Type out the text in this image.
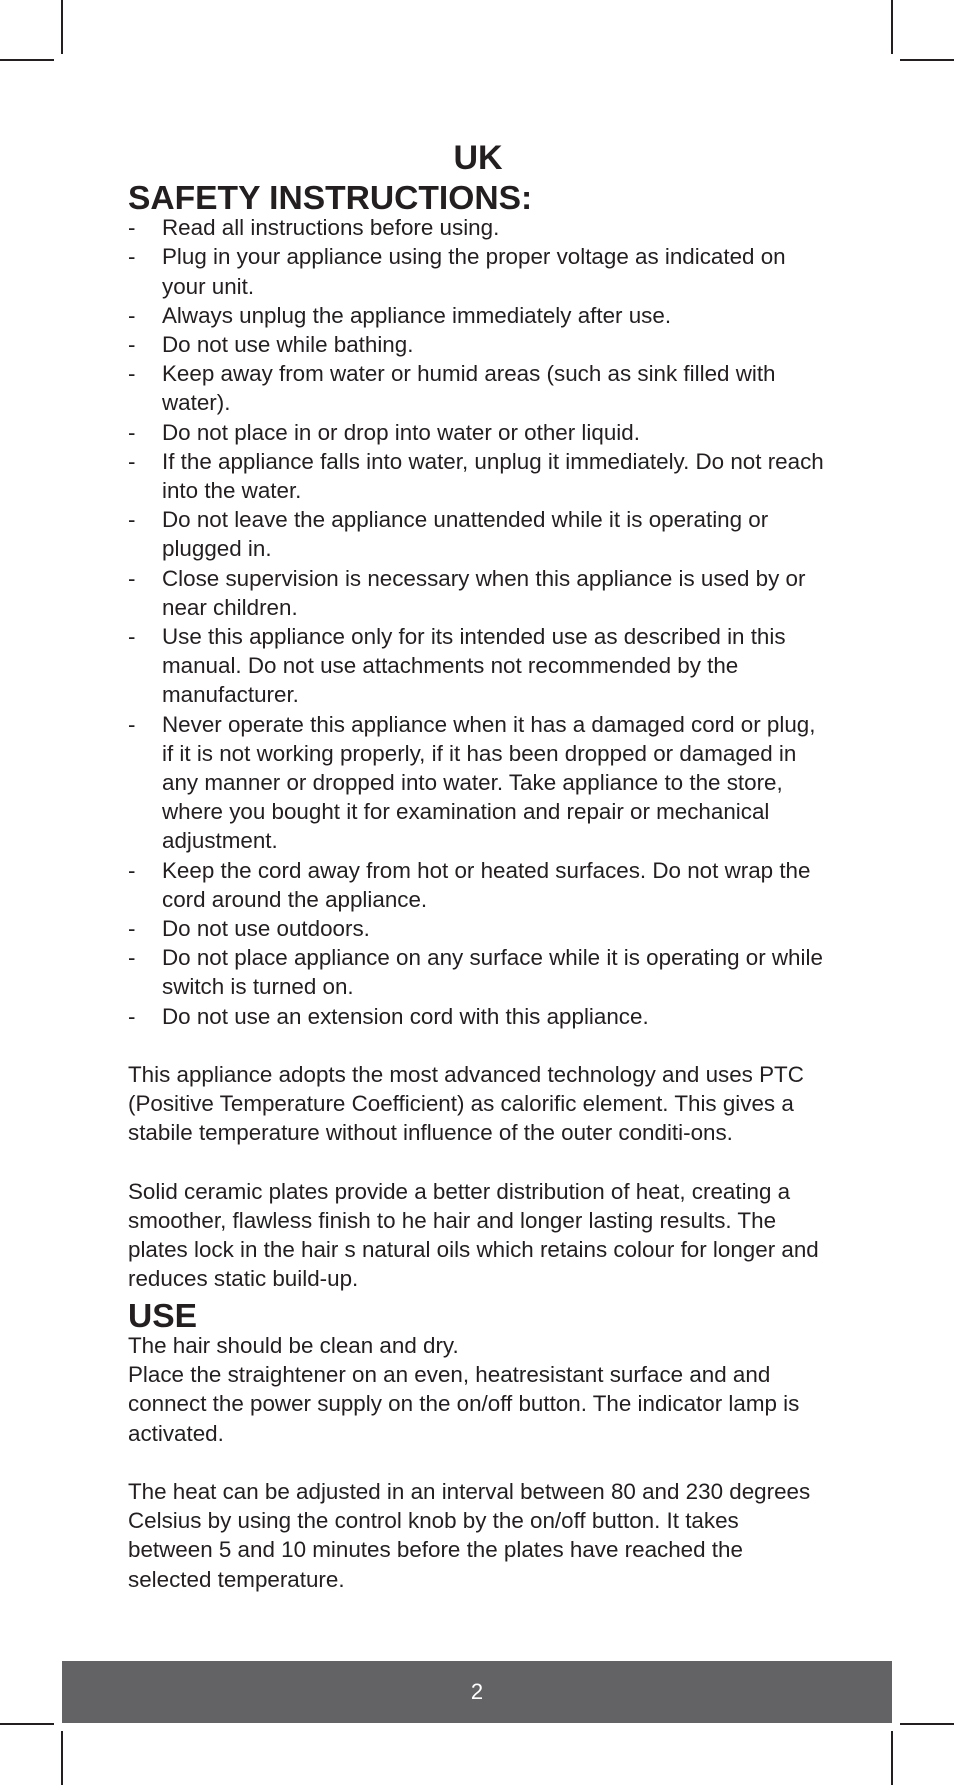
UK
SAFETY INSTRUCTIONS:
- Read all instructions before using.
- Plug in your appliance using the proper voltage as indicated on your unit.
- Always unplug the appliance immediately after use.
- Do not use while bathing.
- Keep away from water or humid areas (such as sink filled with water).
- Do not place in or drop into water or other liquid.
- If the appliance falls into water, unplug it immediately. Do not reach into the water.
- Do not leave the appliance unattended while it is operating or plugged in.
- Close supervision is necessary when this appliance is used by or near children.
- Use this appliance only for its intended use as described in this manual. Do not use attachments not recommended by the manufacturer.
- Never operate this appliance when it has a damaged cord or plug, if it is not working properly, if it has been dropped or damaged in any manner or dropped into water. Take appliance to the store, where you bought it for examination and repair or mechanical adjustment.
- Keep the cord away from hot or heated surfaces. Do not wrap the cord around the appliance.
- Do not use outdoors.
- Do not place appliance on any surface while it is operating or while switch is turned on.
- Do not use an extension cord with this appliance.

This appliance adopts the most advanced technology and uses PTC (Positive Temperature Coefficient) as calorific element. This gives a stabile temperature without influence of the outer conditi-ons.

Solid ceramic plates provide a better distribution of heat, creating a smoother, flawless finish to he hair and longer lasting results. The plates lock in the hair s natural oils which retains colour for longer and reduces static build-up.

USE

The hair should be clean and dry.

Place the straightener on an even, heatresistant surface and and connect the power supply on the on/off button. The indicator lamp is activated.

The heat can be adjusted in an interval between 80 and 230 degrees Celsius by using the control knob by the on/off button. It takes between 5 and 10 minutes before the plates have reached the selected temperature.

2
